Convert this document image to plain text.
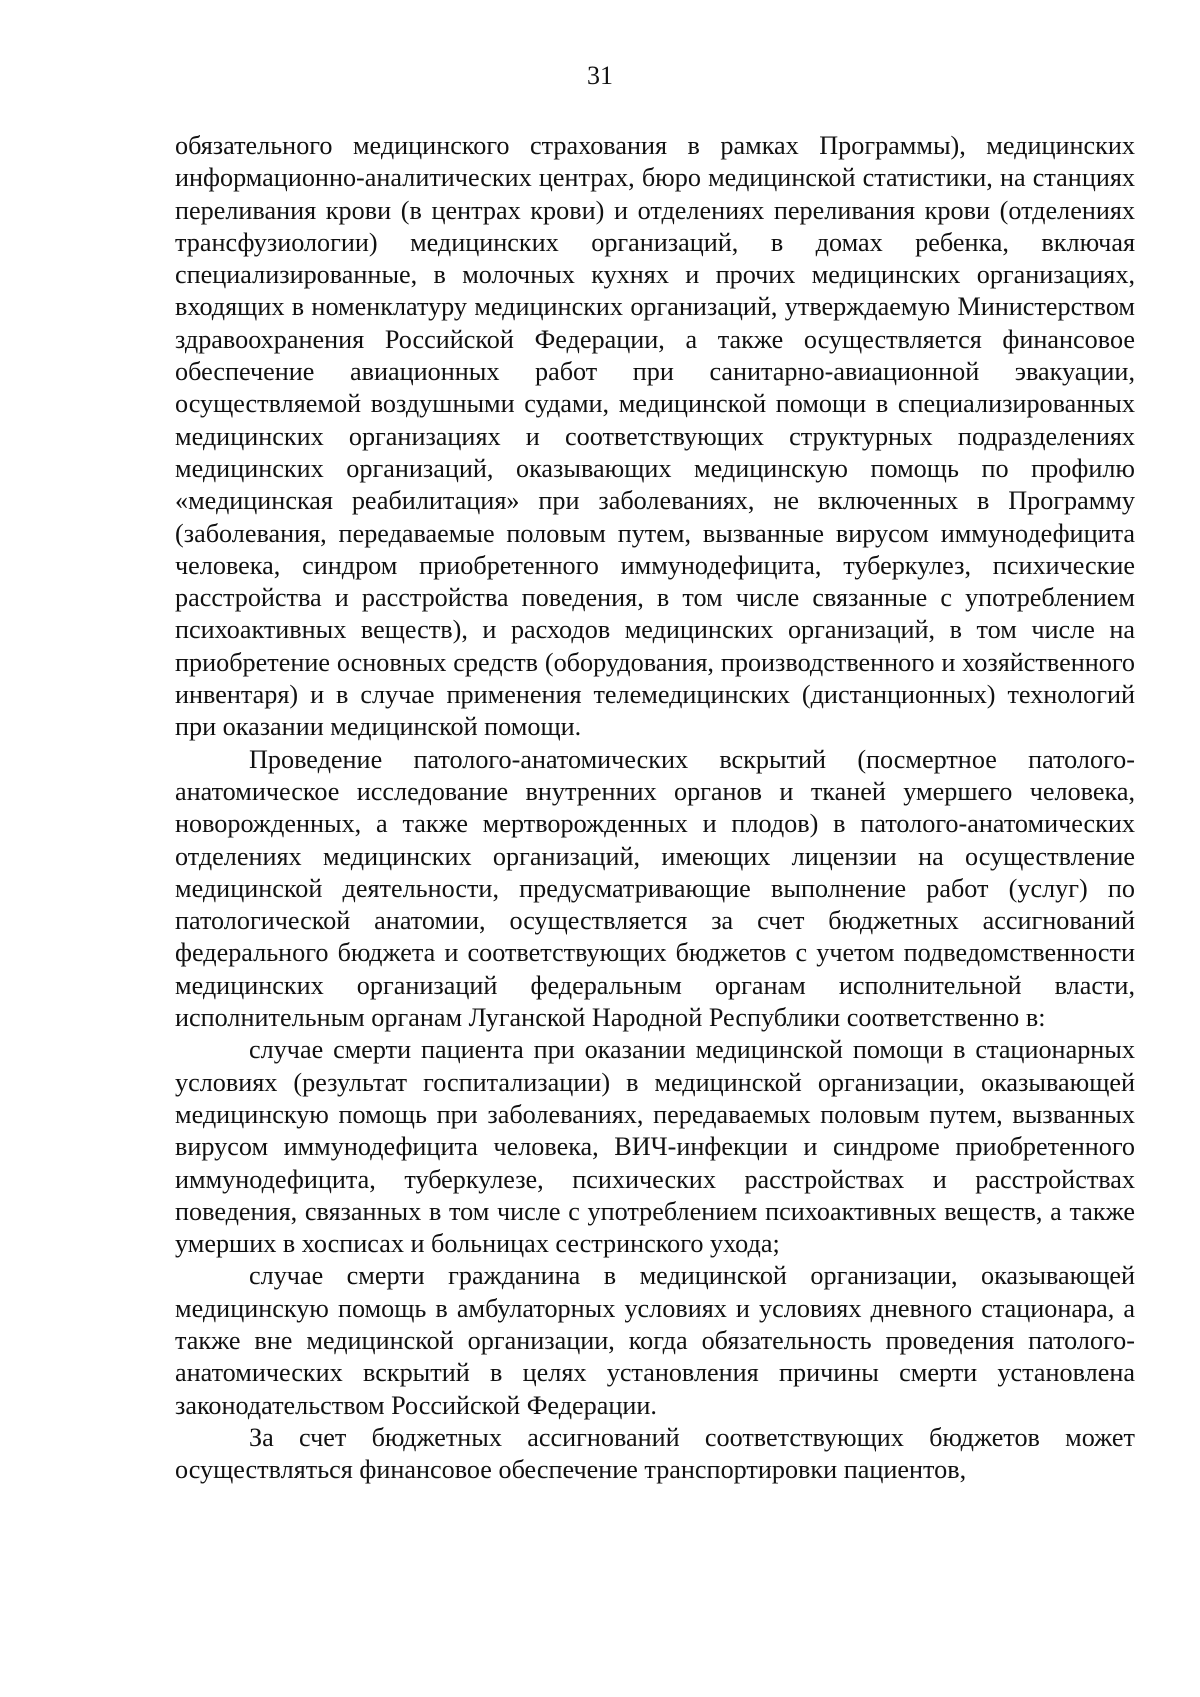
31

обязательного медицинского страхования в рамках Программы), медицинских информационно-аналитических центрах, бюро медицинской статистики, на станциях переливания крови (в центрах крови) и отделениях переливания крови (отделениях трансфузиологии) медицинских организаций, в домах ребенка, включая специализированные, в молочных кухнях и прочих медицинских организациях, входящих в номенклатуру медицинских организаций, утверждаемую Министерством здравоохранения Российской Федерации, а также осуществляется финансовое обеспечение авиационных работ при санитарно-авиационной эвакуации, осуществляемой воздушными судами, медицинской помощи в специализированных медицинских организациях и соответствующих структурных подразделениях медицинских организаций, оказывающих медицинскую помощь по профилю «медицинская реабилитация» при заболеваниях, не включенных в Программу (заболевания, передаваемые половым путем, вызванные вирусом иммунодефицита человека, синдром приобретенного иммунодефицита, туберкулез, психические расстройства и расстройства поведения, в том числе связанные с употреблением психоактивных веществ), и расходов медицинских организаций, в том числе на приобретение основных средств (оборудования, производственного и хозяйственного инвентаря) и в случае применения телемедицинских (дистанционных) технологий при оказании медицинской помощи.

Проведение патолого-анатомических вскрытий (посмертное патолого-анатомическое исследование внутренних органов и тканей умершего человека, новорожденных, а также мертворожденных и плодов) в патолого-анатомических отделениях медицинских организаций, имеющих лицензии на осуществление медицинской деятельности, предусматривающие выполнение работ (услуг) по патологической анатомии, осуществляется за счет бюджетных ассигнований федерального бюджета и соответствующих бюджетов с учетом подведомственности медицинских организаций федеральным органам исполнительной власти, исполнительным органам Луганской Народной Республики соответственно в:

случае смерти пациента при оказании медицинской помощи в стационарных условиях (результат госпитализации) в медицинской организации, оказывающей медицинскую помощь при заболеваниях, передаваемых половым путем, вызванных вирусом иммунодефицита человека, ВИЧ-инфекции и синдроме приобретенного иммунодефицита, туберкулезе, психических расстройствах и расстройствах поведения, связанных в том числе с употреблением психоактивных веществ, а также умерших в хосписах и больницах сестринского ухода;

случае смерти гражданина в медицинской организации, оказывающей медицинскую помощь в амбулаторных условиях и условиях дневного стационара, а также вне медицинской организации, когда обязательность проведения патолого-анатомических вскрытий в целях установления причины смерти установлена законодательством Российской Федерации.

За счет бюджетных ассигнований соответствующих бюджетов может осуществляться финансовое обеспечение транспортировки пациентов,
